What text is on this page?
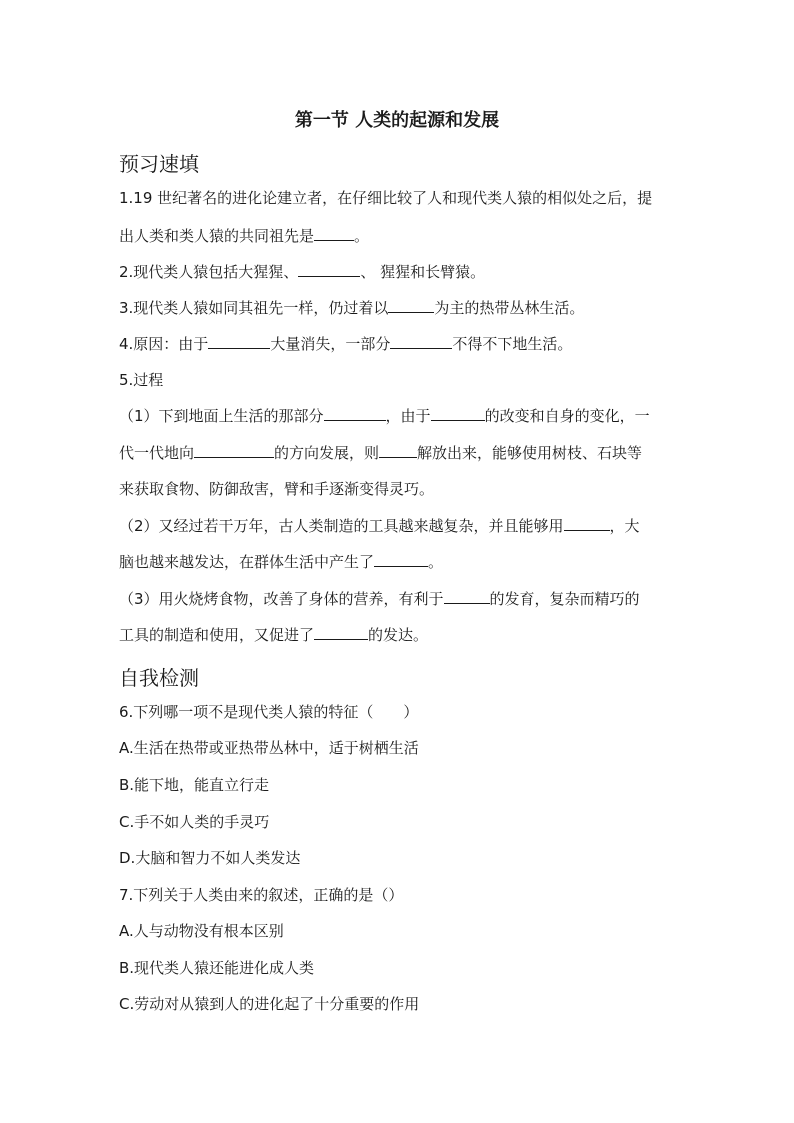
第一节 人类的起源和发展
预习速填
1.19 世纪著名的进化论建立者，在仔细比较了人和现代类人猿的相似处之后，提
出人类和类人猿的共同祖先是	。
2.现代类人猿包括大猩猩、	、 猩猩和长臂猿。
3.现代类人猿如同其祖先一样，仍过着以	为主的热带丛林生活。
4.原因：由于	大量消失，一部分	不得不下地生活。
5.过程
（1）下到地面上生活的那部分	，由于	的改变和自身的变化，一
代一代地向	的方向发展，则	解放出来，能够使用树枝、石块等
来获取食物、防御敌害，臂和手逐渐变得灵巧。
（2）又经过若干万年，古人类制造的工具越来越复杂，并且能够用	，大
脑也越来越发达，在群体生活中产生了	。
（3）用火烧烤食物，改善了身体的营养，有利于	的发育，复杂而精巧的
工具的制造和使用，又促进了	的发达。
自我检测
6.下列哪一项不是现代类人猿的特征（　　）
A.生活在热带或亚热带丛林中，适于树栖生活
B.能下地，能直立行走
C.手不如人类的手灵巧
D.大脑和智力不如人类发达
7.下列关于人类由来的叙述，正确的是（）
A.人与动物没有根本区别
B.现代类人猿还能进化成人类
C.劳动对从猿到人的进化起了十分重要的作用
